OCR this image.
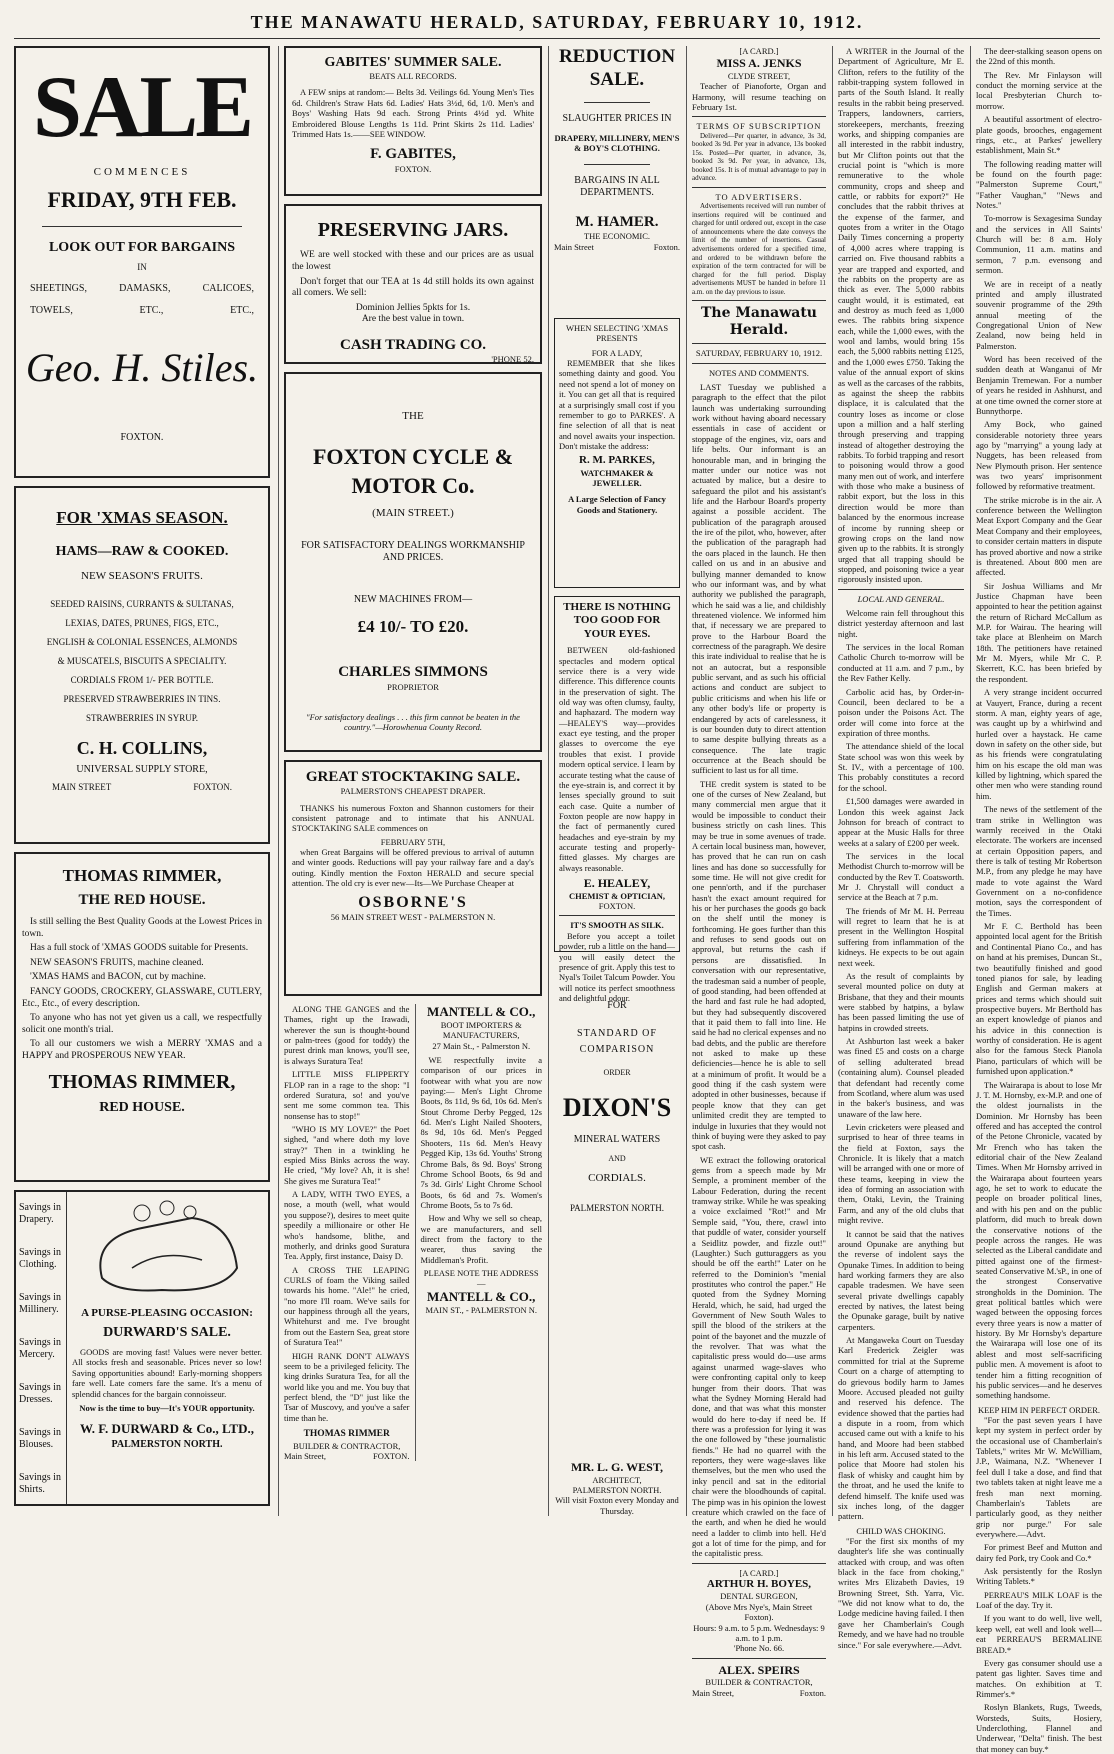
THE MANAWATU HERALD, SATURDAY, FEBRUARY 10, 1912.
SALE
COMMENCES
FRIDAY, 9TH FEB.
LOOK OUT FOR BARGAINS
IN
SHEETINGS,	DAMASKS,	CALICOES,
TOWELS,	ETC.,	ETC.,
Geo. H. Stiles.
FOXTON.
FOR 'XMAS SEASON.
HAMS—RAW & COOKED.
NEW SEASON'S FRUITS.
SEEDED RAISINS, CURRANTS & SULTANAS,
LEXIAS, DATES, PRUNES, FIGS, ETC.,
ENGLISH & COLONIAL ESSENCES, ALMONDS
& MUSCATELS, BISCUITS A SPECIALITY.
CORDIALS FROM 1/- PER BOTTLE.
PRESERVED STRAWBERRIES IN TINS.
STRAWBERRIES IN SYRUP.
C. H. COLLINS,
UNIVERSAL SUPPLY STORE,
MAIN STREET	FOXTON.
THOMAS RIMMER,
THE RED HOUSE.

Is still selling the Best Quality Goods at the Lowest Prices in town.

Has a full stock of 'XMAS GOODS suitable for Presents.

NEW SEASON'S FRUITS, machine cleaned.

'XMAS HAMS and BACON, cut by machine.

FANCY GOODS, CROCKERY, GLASSWARE, CUTLERY, Etc., Etc., of every description.

To anyone who has not yet given us a call, we respectfully solicit one month's trial.

To all our customers we wish a MERRY 'XMAS and a HAPPY and PROSPEROUS NEW YEAR.

THOMAS RIMMER,
RED HOUSE.
Savings in Drapery.
Savings in Clothing.
Savings in Millinery.
Savings in Mercery.
Savings in Dresses.
Savings in Blouses.
Savings in Shirts.
A PURSE-PLEASING OCCASION:
DURWARD'S SALE.

GOODS are moving fast! Values were never better. All stocks fresh and seasonable. Prices never so low! Saving opportunities abound! Early-morning shoppers fare well. Late comers fare the same. It's a menu of splendid chances for the bargain connoisseur.

Now is the time to buy—It's YOUR opportunity.
W. F. DURWARD & Co., LTD.,
PALMERSTON NORTH.
GABITES' SUMMER SALE.
BEATS ALL RECORDS.

A FEW snips at random:— Belts 3d. Veilings 6d. Young Men's Ties 6d. Children's Straw Hats 6d. Ladies' Hats 3½d, 6d, 1/0. Men's and Boys' Washing Hats 9d each. Strong Prints 4½d yd. White Embroidered Blouse Lengths 1s 11d. Print Skirts 2s 11d. Ladies' Trimmed Hats 1s.——SEE WINDOW.

F. GABITES,
FOXTON.
PRESERVING JARS.

WE are well stocked with these and our prices are as usual the lowest

Don't forget that our TEA at 1s 4d still holds its own against all comers. We sell:

Dominion Jellies 5pkts for 1s.
Are the best value in town.
CASH TRADING CO.
'PHONE 52.
THE
FOXTON CYCLE & MOTOR Co.
(MAIN STREET.)
FOR SATISFACTORY DEALINGS WORKMANSHIP AND PRICES.
NEW MACHINES FROM—
£4 10/- TO £20.
CHARLES SIMMONS
PROPRIETOR
"For satisfactory dealings . . . this firm cannot be beaten in the country."—Horowhenua County Record.
GREAT STOCKTAKING SALE.
PALMERSTON'S CHEAPEST DRAPER.

THANKS his numerous Foxton and Shannon customers for their consistent patronage and to intimate that his ANNUAL STOCKTAKING SALE commences on

FEBRUARY 5TH,

when Great Bargains will be offered previous to arrival of autumn and winter goods. Reductions will pay your railway fare and a day's outing. Kindly mention the Foxton HERALD and secure special attention. The old cry is ever new—Its—We Purchase Cheaper at

OSBORNE'S
56 MAIN STREET WEST - PALMERSTON N.

ALONG THE GANGES and the Thames, right up the Irawadi, wherever the sun is thought-bound or palm-trees (good for toddy) the purest drink man knows, you'll see, is always Suratura Tea!

LITTLE MISS FLIPPERTY FLOP ran in a rage to the shop: "I ordered Suratura, so! and you've sent me some common tea. This nonsense has to stop!"

"WHO IS MY LOVE?" the Poet sighed, "and where doth my love stray?" Then in a twinkling he espied Miss Binks across the way. He cried, "My love? Ah, it is she! She gives me Suratura Tea!"

A LADY, WITH TWO EYES, a nose, a mouth (well, what would you suppose?), desires to meet quite speedily a millionaire or other He who's handsome, blithe, and motherly, and drinks good Suratura Tea. Apply, first instance, Daisy D.

A CROSS THE LEAPING CURLS of foam the Viking sailed towards his home. "Ale!" he cried, "no more I'll roam. We've sails for our happiness through all the years, Whitehurst and me. I've brought from out the Eastern Sea, great store of Suratura Tea!"

HIGH RANK DON'T ALWAYS seem to be a privileged felicity. The king drinks Suratura Tea, for all the world like you and me. You buy that perfect blend, the "D" just like the Tsar of Muscovy, and you've a safer time than he.

THOMAS RIMMER
BUILDER & CONTRACTOR,
Main Street,	FOXTON.
MANTELL & CO.,
BOOT IMPORTERS & MANUFACTURERS,
27 Main St., - Palmerston N.

WE respectfully invite a comparison of our prices in footwear with what you are now paying:— Men's Light Chrome Boots, 8s 11d, 9s 6d, 10s 6d. Men's Stout Chrome Derby Pegged, 12s 6d. Men's Light Nailed Shooters, 8s 9d, 10s 6d. Men's Pegged Shooters, 11s 6d. Men's Heavy Pegged Kip, 13s 6d. Youths' Strong Chrome Bals, 8s 9d. Boys' Strong Chrome School Boots, 6s 9d and 7s 3d. Girls' Light Chrome School Boots, 6s 6d and 7s. Women's Chrome Boots, 5s to 7s 6d.

How and Why we sell so cheap, we are manufacturers, and sell direct from the factory to the wearer, thus saving the Middleman's Profit.

PLEASE NOTE THE ADDRESS—
MANTELL & CO.,
MAIN ST., - PALMERSTON N.
REDUCTION SALE.
SLAUGHTER PRICES IN
DRAPERY, MILLINERY, MEN'S & BOY'S CLOTHING.
BARGAINS IN ALL DEPARTMENTS.
M. HAMER.
THE ECONOMIC.
Main Street	Foxton.
WHEN SELECTING 'XMAS PRESENTS
FOR A LADY,

REMEMBER that she likes something dainty and good. You need not spend a lot of money on it. You can get all that is required at a surprisingly small cost if you remember to go to PARKES'. A fine selection of all that is neat and novel awaits your inspection. Don't mistake the address:

R. M. PARKES,
WATCHMAKER & JEWELLER.
A Large Selection of Fancy Goods and Stationery.
THERE IS NOTHING TOO GOOD FOR YOUR EYES.

BETWEEN old-fashioned spectacles and modern optical service there is a very wide difference. This difference counts in the preservation of sight. The old way was often clumsy, faulty, and haphazard. The modern way—HEALEY'S way—provides exact eye testing, and the proper glasses to overcome the eye troubles that exist. I provide modern optical service. I learn by accurate testing what the cause of the eye-strain is, and correct it by lenses specially ground to suit each case. Quite a number of Foxton people are now happy in the fact of permanently cured headaches and eye-strain by my accurate testing and properly-fitted glasses. My charges are always reasonable.

E. HEALEY,
CHEMIST & OPTICIAN,
FOXTON.
IT'S SMOOTH AS SILK.

Before you accept a toilet powder, rub a little on the hand—you will easily detect the presence of grit. Apply this test to Nyal's Toilet Talcum Powder. You will notice its perfect smoothness and delightful odour.

FOR
STANDARD OF COMPARISON
ORDER
DIXON'S
MINERAL WATERS
AND
CORDIALS.
PALMERSTON NORTH.
MR. L. G. WEST,
ARCHITECT,
PALMERSTON NORTH.
Will visit Foxton every Monday and Thursday.
[A CARD.]
MISS A. JENKS
CLYDE STREET,

Teacher of Pianoforte, Organ and Harmony, will resume teaching on February 1st.

TERMS OF SUBSCRIPTION

Delivered—Per quarter, in advance, 3s 3d, booked 3s 9d. Per year in advance, 13s booked 15s. Posted—Per quarter, in advance, 3s, booked 3s 9d. Per year, in advance, 13s, booked 15s. It is of mutual advantage to pay in advance.

TO ADVERTISERS.

Advertisements received will run number of insertions required will be continued and charged for until ordered out, except in the case of announcements where the date conveys the limit of the number of insertions. Casual advertisements ordered for a specified time, and ordered to be withdrawn before the expiration of the term contracted for will be charged for the full period. Display advertisements MUST be handed in before 11 a.m. on the day previous to issue.

The Manawatu Herald.
SATURDAY, FEBRUARY 10, 1912.
NOTES AND COMMENTS.

LAST Tuesday we published a paragraph to the effect that the pilot launch was undertaking surrounding work without having aboard necessary essentials in case of accident or stoppage of the engines, viz, oars and life belts. Our informant is an honourable man, and in bringing the matter under our notice was not actuated by malice, but a desire to safeguard the pilot and his assistant's life and the Harbour Board's property against a possible accident. The publication of the paragraph aroused the ire of the pilot, who, however, after the publication of the paragraph had the oars placed in the launch. He then called on us and in an abusive and bullying manner demanded to know who our informant was, and by what authority we published the paragraph, which he said was a lie, and childishly threatened violence. We informed him that, if necessary we are prepared to prove to the Harbour Board the correctness of the paragraph. We desire this irate individual to realise that he is not an autocrat, but a responsible public servant, and as such his official actions and conduct are subject to public criticisms and when his life or any other body's life or property is endangered by acts of carelessness, it is our bounden duty to direct attention to same despite bullying threats as a consequence. The late tragic occurrence at the Beach should be sufficient to last us for all time.

THE credit system is stated to be one of the curses of New Zealand, but many commercial men argue that it would be impossible to conduct their business strictly on cash lines. This may be true in some avenues of trade. A certain local business man, however, has proved that he can run on cash lines and has done so successfully for some time. He will not give credit for one penn'orth, and if the purchaser hasn't the exact amount required for his or her purchases the goods go back on the shelf until the money is forthcoming. He goes further than this and refuses to send goods out on approval, but returns the cash if persons are dissatisfied. In conversation with our representative, the tradesman said a number of people, of good standing, had been offended at the hard and fast rule he had adopted, but they had subsequently discovered that it paid them to fall into line. He said he had no clerical expenses and no bad debts, and the public are therefore not asked to make up these deficiencies—hence he is able to sell at a minimum of profit. It would be a good thing if the cash system were adopted in other businesses, because if people know that they can get unlimited credit they are tempted to indulge in luxuries that they would not think of buying were they asked to pay spot cash.

WE extract the following oratorical gems from a speech made by Mr Semple, a prominent member of the Labour Federation, during the recent tramway strike. While he was speaking a voice exclaimed "Rot!" and Mr Semple said, "You, there, crawl into that puddle of water, consider yourself a Seidlitz powder, and fizzle out!" (Laughter.) Such gutturaggers as you should be off the earth!" Later on he referred to the Dominion's "menial prostitutes who control the paper." He quoted from the Sydney Morning Herald, which, he said, had urged the Government of New South Wales to spill the blood of the strikers at the point of the bayonet and the muzzle of the revolver. That was what the capitalistic press would do—use arms against unarmed wage-slaves who were confronting capital only to keep hunger from their doors. That was what the Sydney Morning Herald had done, and that was what this monster would do here to-day if need be. If there was a profession for lying it was the one followed by "these journalistic fiends." He had no quarrel with the reporters, they were wage-slaves like themselves, but the men who used the inky pencil and sat in the editorial chair were the bloodhounds of capital. The pimp was in his opinion the lowest creature which crawled on the face of the earth, and when he died he would need a ladder to climb into hell. He'd got a lot of time for the pimp, and for the capitalistic press.

[A CARD.]
ARTHUR H. BOYES,
DENTAL SURGEON,
(Above Mrs Nye's, Main Street Foxton).
Hours: 9 a.m. to 5 p.m. Wednesdays: 9 a.m. to 1 p.m.
'Phone No. 66.
ALEX. SPEIRS
BUILDER & CONTRACTOR,
Main Street,	Foxton.

A WRITER in the Journal of the Department of Agriculture, Mr E. Clifton, refers to the futility of the rabbit-trapping system followed in parts of the South Island. It really results in the rabbit being preserved. Trappers, landowners, carriers, storekeepers, merchants, freezing works, and shipping companies are all interested in the rabbit industry, but Mr Clifton points out that the crucial point is "which is more remunerative to the whole community, crops and sheep and cattle, or rabbits for export?" He concludes that the rabbit thrives at the expense of the farmer, and quotes from a writer in the Otago Daily Times concerning a property of 4,000 acres where trapping is carried on. Five thousand rabbits a year are trapped and exported, and the rabbits on the property are as thick as ever. The 5,000 rabbits caught would, it is estimated, eat and destroy as much feed as 1,000 ewes. The rabbits bring sixpence each, while the 1,000 ewes, with the wool and lambs, would bring 15s each, the 5,000 rabbits netting £125, and the 1,000 ewes £750. Taking the value of the annual export of skins as well as the carcases of the rabbits, as against the sheep the rabbits displace, it is calculated that the country loses as income or close upon a million and a half sterling through preserving and trapping instead of altogether destroying the rabbits. To forbid trapping and resort to poisoning would throw a good many men out of work, and interfere with those who make a business of rabbit export, but the loss in this direction would be more than balanced by the enormous increase of income by running sheep or growing crops on the land now given up to the rabbits. It is strongly urged that all trapping should be stopped, and poisoning twice a year rigorously insisted upon.

LOCAL AND GENERAL.

Welcome rain fell throughout this district yesterday afternoon and last night.

The services in the local Roman Catholic Church to-morrow will be conducted at 11 a.m. and 7 p.m., by the Rev Father Kelly.

Carbolic acid has, by Order-in-Council, been declared to be a poison under the Poisons Act. The order will come into force at the expiration of three months.

The attendance shield of the local State school was won this week by St. IV., with a percentage of 100. This probably constitutes a record for the school.

£1,500 damages were awarded in London this week against Jack Johnson for breach of contract to appear at the Music Halls for three weeks at a salary of £200 per week.

The services in the local Methodist Church to-morrow will be conducted by the Rev T. Coatsworth. Mr J. Chrystall will conduct a service at the Beach at 7 p.m.

The friends of Mr M. H. Perreau will regret to learn that he is at present in the Wellington Hospital suffering from inflammation of the kidneys. He expects to be out again next week.

As the result of complaints by several mounted police on duty at Brisbane, that they and their mounts were stabbed by hatpins, a bylaw has been passed limiting the use of hatpins in crowded streets.

At Ashburton last week a baker was fined £5 and costs on a charge of selling adulterated bread (containing alum). Counsel pleaded that defendant had recently come from Scotland, where alum was used in the baker's business, and was unaware of the law here.

Levin cricketers were pleased and surprised to hear of three teams in the field at Foxton, says the Chronicle. It is likely that a match will be arranged with one or more of these teams, keeping in view the idea of forming an association with them, Otaki, Levin, the Training Farm, and any of the old clubs that might revive.

It cannot be said that the natives around Opunake are anything but the reverse of indolent says the Opunake Times. In addition to being hard working farmers they are also capable tradesmen. We have seen several private dwellings capably erected by natives, the latest being the Opunake garage, built by native carpenters.

At Mangaweka Court on Tuesday Karl Frederick Zeigler was committed for trial at the Supreme Court on a charge of attempting to do grievous bodily harm to James Moore. Accused pleaded not guilty and reserved his defence. The evidence showed that the parties had a dispute in a room, from which accused came out with a knife to his hand, and Moore had been stabbed in his left arm. Accused stated to the police that Moore had stolen his flask of whisky and caught him by the throat, and he used the knife to defend himself. The knife used was six inches long, of the dagger pattern.

CHILD WAS CHOKING.

"For the first six months of my daughter's life she was continually attacked with croup, and was often black in the face from choking," writes Mrs Elizabeth Davies, 19 Browning Street, Sth. Yarra, Vic. "We did not know what to do, the Lodge medicine having failed. I then gave her Chamberlain's Cough Remedy, and we have had no trouble since." For sale everywhere.—Advt.

The deer-stalking season opens on the 22nd of this month.

The Rev. Mr Finlayson will conduct the morning service at the local Presbyterian Church to-morrow.

A beautiful assortment of electro-plate goods, brooches, engagement rings, etc., at Parkes' jewellery establishment, Main St.*

The following reading matter will be found on the fourth page: "Palmerston Supreme Court," "Father Vaughan," "News and Notes."

To-morrow is Sexagesima Sunday and the services in All Saints' Church will be: 8 a.m. Holy Communion, 11 a.m. matins and sermon, 7 p.m. evensong and sermon.

We are in receipt of a neatly printed and amply illustrated souvenir programme of the 29th annual meeting of the Congregational Union of New Zealand, now being held in Palmerston.

Word has been received of the sudden death at Wanganui of Mr Benjamin Tremewan. For a number of years he resided in Ashhurst, and at one time owned the corner store at Bunnythorpe.

Amy Bock, who gained considerable notoriety three years ago by "marrying" a young lady at Nuggets, has been released from New Plymouth prison. Her sentence was two years' imprisonment followed by reformative treatment.

The strike microbe is in the air. A conference between the Wellington Meat Export Company and the Gear Meat Company and their employees, to consider certain matters in dispute has proved abortive and now a strike is threatened. About 800 men are affected.

Sir Joshua Williams and Mr Justice Chapman have been appointed to hear the petition against the return of Richard McCallum as M.P. for Wairau. The hearing will take place at Blenheim on March 18th. The petitioners have retained Mr M. Myers, while Mr C. P. Skerrett, K.C. has been briefed by the respondent.

A very strange incident occurred at Vauyert, France, during a recent storm. A man, eighty years of age, was caught up by a whirlwind and hurled over a haystack. He came down in safety on the other side, but as his friends were congratulating him on his escape the old man was killed by lightning, which spared the other men who were standing round him.

The news of the settlement of the tram strike in Wellington was warmly received in the Otaki electorate. The workers are incensed at certain Opposition papers, and there is talk of testing Mr Robertson M.P., from any pledge he may have made to vote against the Ward Government on a no-confidence motion, says the correspondent of the Times.

Mr F. C. Berthold has been appointed local agent for the British and Continental Piano Co., and has on hand at his premises, Duncan St., two beautifully finished and good toned pianos for sale, by leading English and German makers at prices and terms which should suit prospective buyers. Mr Berthold has an expert knowledge of pianos and his advice in this connection is worthy of consideration. He is agent also for the famous Steck Pianola Piano, particulars of which will be furnished upon application.*

The Wairarapa is about to lose Mr J. T. M. Hornsby, ex-M.P. and one of the oldest journalists in the Dominion. Mr Hornsby has been offered and has accepted the control of the Petone Chronicle, vacated by Mr French who has taken the editorial chair of the New Zealand Times. When Mr Hornsby arrived in the Wairarapa about fourteen years ago, he set to work to educate the people on broader political lines, and with his pen and on the public platform, did much to break down the conservative notions of the people across the ranges. He was selected as the Liberal candidate and pitted against one of the firmest-seated Conservative M.'sP., in one of the strongest Conservative strongholds in the Dominion. The great political battles which were waged between the opposing forces every three years is now a matter of history. By Mr Hornsby's departure the Wairarapa will lose one of its ablest and most self-sacrificing public men. A movement is afoot to tender him a fitting recognition of his public services—and he deserves something handsome.

KEEP HIM IN PERFECT ORDER.

"For the past seven years I have kept my system in perfect order by the occasional use of Chamberlain's Tablets," writes Mr W. McWilliam, J.P., Waimana, N.Z. "Whenever I feel dull I take a dose, and find that two tablets taken at night leave me a fresh man next morning. Chamberlain's Tablets are particularly good, as they neither grip nor purge." For sale everywhere.—Advt.

For primest Beef and Mutton and dairy fed Pork, try Cook and Co.*

Ask persistently for the Roslyn Writing Tablets.*

PERREAU'S MILK LOAF is the Loaf of the day. Try it.

If you want to do well, live well, keep well, eat well and look well—eat PERREAU'S BERMALINE BREAD.*

Every gas consumer should use a patent gas lighter. Saves time and matches. On exhibition at T. Rimmer's.*

Roslyn Blankets, Rugs, Tweeds, Worsteds, Suits, Hosiery, Underclothing, Flannel and Underwear, "Delta" finish. The best that money can buy.*
